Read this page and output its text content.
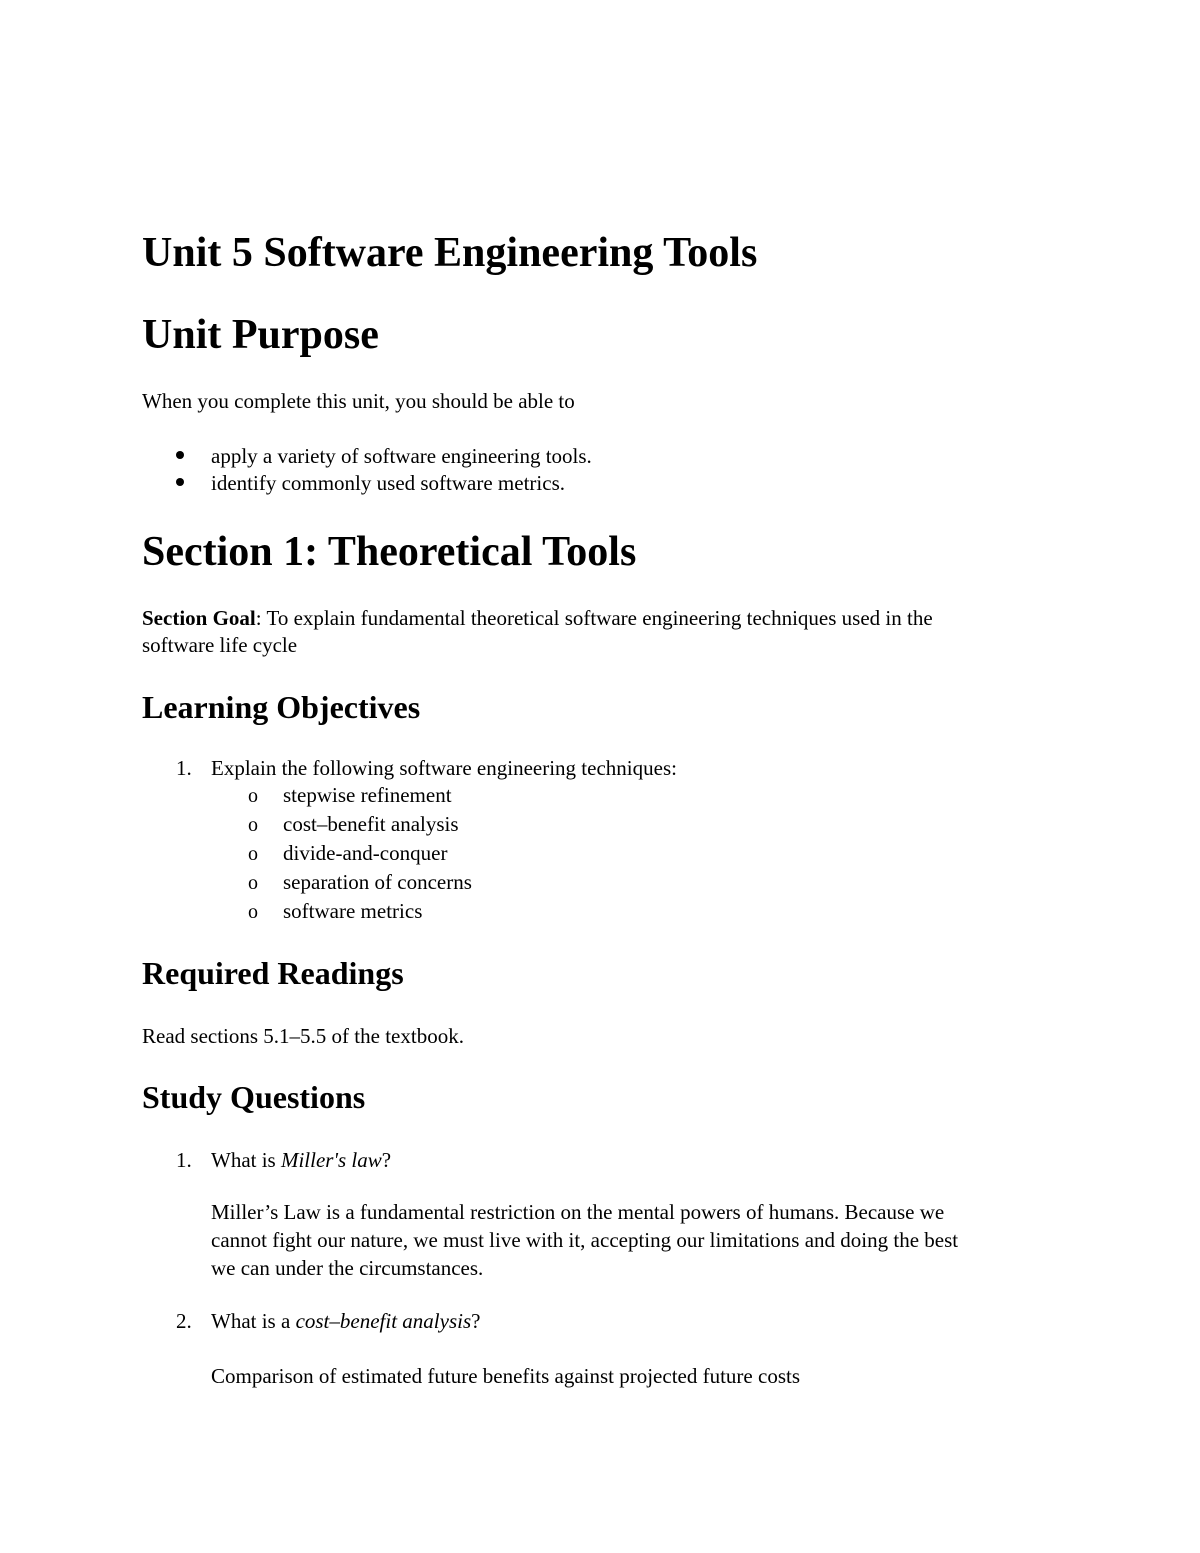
Unit 5 Software Engineering Tools
Unit Purpose

When you complete this unit, you should be able to

apply a variety of software engineering tools.
identify commonly used software metrics.
Section 1: Theoretical Tools

Section Goal: To explain fundamental theoretical software engineering techniques used in the

software life cycle

Learning Objectives
1. Explain the following software engineering techniques:
o stepwise refinement
o cost–benefit analysis
o divide-and-conquer
o separation of concerns
o software metrics
Required Readings

Read sections 5.1–5.5 of the textbook.

Study Questions
1. What is Miller's law?

Miller’s Law is a fundamental restriction on the mental powers of humans. Because we

cannot fight our nature, we must live with it, accepting our limitations and doing the best

we can under the circumstances.

2. What is a cost–benefit analysis?

Comparison of estimated future benefits against projected future costs
